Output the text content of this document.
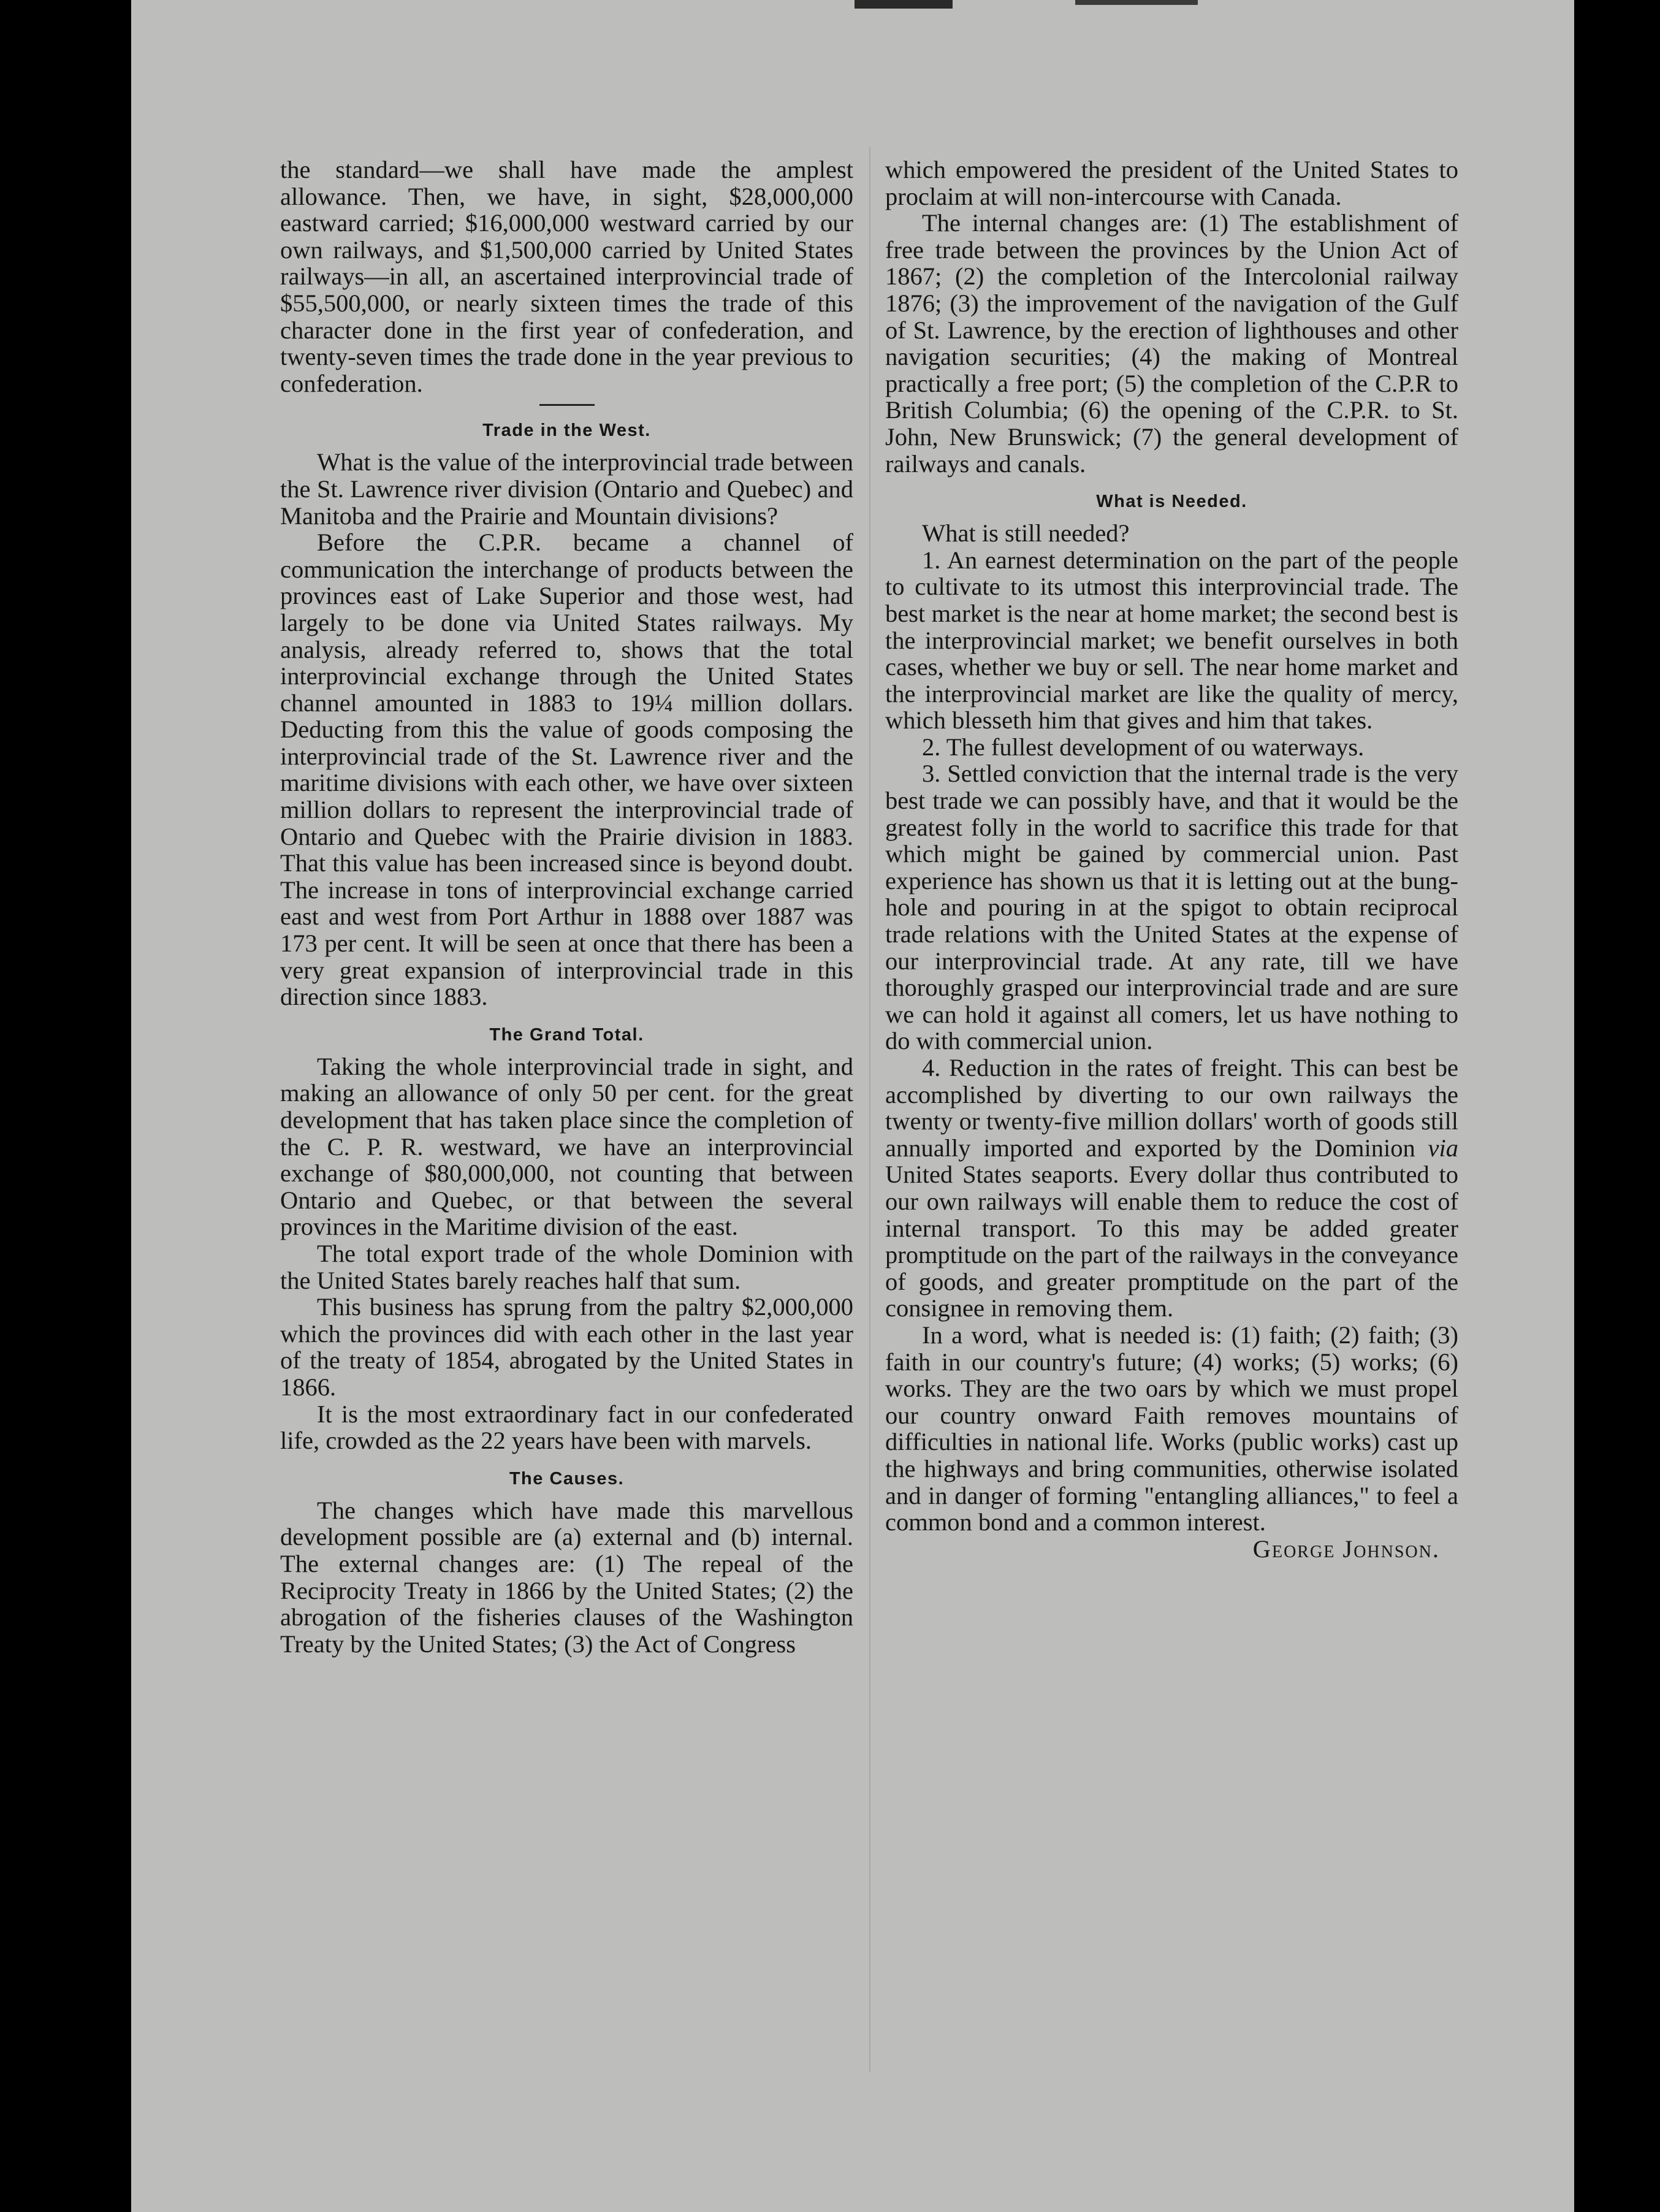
the standard—we shall have made the amplest allowance. Then, we have, in sight, $28,000,000 eastward carried; $16,000,000 westward carried by our own railways, and $1,500,000 carried by United States railways—in all, an ascertained interprovincial trade of $55,500,000, or nearly sixteen times the trade of this character done in the first year of confederation, and twenty-seven times the trade done in the year previous to confederation.

Trade in the West.

What is the value of the interprovincial trade between the St. Lawrence river division (Ontario and Quebec) and Manitoba and the Prairie and Mountain divisions?

Before the C.P.R. became a channel of communication the interchange of products between the provinces east of Lake Superior and those west, had largely to be done via United States railways. My analysis, already referred to, shows that the total interprovincial exchange through the United States channel amounted in 1883 to 19¼ million dollars. Deducting from this the value of goods composing the interprovincial trade of the St. Lawrence river and the maritime divisions with each other, we have over sixteen million dollars to represent the interprovincial trade of Ontario and Quebec with the Prairie division in 1883. That this value has been increased since is beyond doubt. The increase in tons of interprovincial exchange carried east and west from Port Arthur in 1888 over 1887 was 173 per cent. It will be seen at once that there has been a very great expansion of interprovincial trade in this direction since 1883.

The Grand Total.

Taking the whole interprovincial trade in sight, and making an allowance of only 50 per cent. for the great development that has taken place since the completion of the C. P. R. westward, we have an interprovincial exchange of $80,000,000, not counting that between Ontario and Quebec, or that between the several provinces in the Maritime division of the east.

The total export trade of the whole Dominion with the United States barely reaches half that sum.

This business has sprung from the paltry $2,000,000 which the provinces did with each other in the last year of the treaty of 1854, abrogated by the United States in 1866.

It is the most extraordinary fact in our confederated life, crowded as the 22 years have been with marvels.

The Causes.

The changes which have made this marvellous development possible are (a) external and (b) internal. The external changes are: (1) The repeal of the Reciprocity Treaty in 1866 by the United States; (2) the abrogation of the fisheries clauses of the Washington Treaty by the United States; (3) the Act of Congress

which empowered the president of the United States to proclaim at will non-intercourse with Canada.

The internal changes are: (1) The establishment of free trade between the provinces by the Union Act of 1867; (2) the completion of the Intercolonial railway 1876; (3) the improvement of the navigation of the Gulf of St. Lawrence, by the erection of lighthouses and other navigation securities; (4) the making of Montreal practically a free port; (5) the completion of the C.P.R to British Columbia; (6) the opening of the C.P.R. to St. John, New Brunswick; (7) the general development of railways and canals.

What is Needed.

What is still needed?

1. An earnest determination on the part of the people to cultivate to its utmost this interprovincial trade. The best market is the near at home market; the second best is the interprovincial market; we benefit ourselves in both cases, whether we buy or sell. The near home market and the interprovincial market are like the quality of mercy, which blesseth him that gives and him that takes.

2. The fullest development of ou waterways.

3. Settled conviction that the internal trade is the very best trade we can possibly have, and that it would be the greatest folly in the world to sacrifice this trade for that which might be gained by commercial union. Past experience has shown us that it is letting out at the bung-hole and pouring in at the spigot to obtain reciprocal trade relations with the United States at the expense of our interprovincial trade. At any rate, till we have thoroughly grasped our interprovincial trade and are sure we can hold it against all comers, let us have nothing to do with commercial union.

4. Reduction in the rates of freight. This can best be accomplished by diverting to our own railways the twenty or twenty-five million dollars' worth of goods still annually imported and exported by the Dominion via United States seaports. Every dollar thus contributed to our own railways will enable them to reduce the cost of internal transport. To this may be added greater promptitude on the part of the railways in the conveyance of goods, and greater promptitude on the part of the consignee in removing them.

In a word, what is needed is: (1) faith; (2) faith; (3) faith in our country's future; (4) works; (5) works; (6) works. They are the two oars by which we must propel our country onward Faith removes mountains of difficulties in national life. Works (public works) cast up the highways and bring communities, otherwise isolated and in danger of forming "entangling alliances," to feel a common bond and a common interest.

George Johnson.
